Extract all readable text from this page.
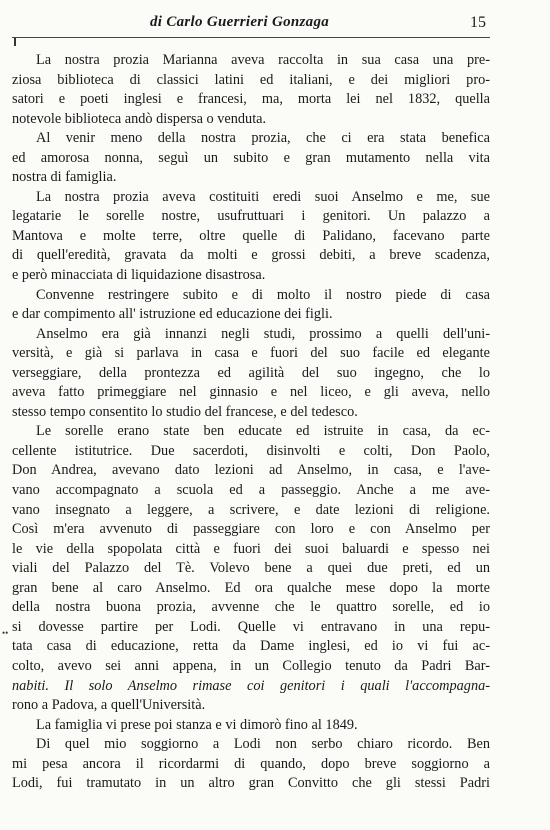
di Carlo Guerrieri Gonzaga	15
••
La nostra prozia Marianna aveva raccolta in sua casa una pre-
ziosa biblioteca di classici latini ed italiani, e dei migliori pro-
satori e poeti inglesi e francesi, ma, morta lei nel 1832, quella
notevole biblioteca andò dispersa o venduta.
Al venir meno della nostra prozia, che ci era stata benefica
ed amorosa nonna, seguì un subito e gran mutamento nella vita
nostra di famiglia.
La nostra prozia aveva costituiti eredi suoi Anselmo e me, sue
legatarie le sorelle nostre, usufruttuari i genitori. Un palazzo a
Mantova e molte terre, oltre quelle di Palidano, facevano parte
di quell'eredità, gravata da molti e grossi debiti, a breve scadenza,
e però minacciata di liquidazione disastrosa.
Convenne restringere subito e di molto il nostro piede di casa
e dar compimento all' istruzione ed educazione dei figli.
Anselmo era già innanzi negli studi, prossimo a quelli dell'uni-
versità, e già si parlava in casa e fuori del suo facile ed elegante
verseggiare, della prontezza ed agilità del suo ingegno, che lo
aveva fatto primeggiare nel ginnasio e nel liceo, e gli aveva, nello
stesso tempo consentito lo studio del francese, e del tedesco.
Le sorelle erano state ben educate ed istruite in casa, da ec-
cellente istitutrice. Due sacerdoti, disinvolti e colti, Don Paolo,
Don Andrea, avevano dato lezioni ad Anselmo, in casa, e l'ave-
vano accompagnato a scuola ed a passeggio. Anche a me ave-
vano insegnato a leggere, a scrivere, e date lezioni di religione.
Così m'era avvenuto di passeggiare con loro e con Anselmo per
le vie della spopolata città e fuori dei suoi baluardi e spesso nei
viali del Palazzo del Tè. Volevo bene a quei due preti, ed un
gran bene al caro Anselmo. Ed ora qualche mese dopo la morte
della nostra buona prozia, avvenne che le quattro sorelle, ed io
si dovesse partire per Lodi. Quelle vi entravano in una repu-
tata casa di educazione, retta da Dame inglesi, ed io vi fui ac-
colto, avevo sei anni appena, in un Collegio tenuto da Padri Bar-
nabiti. Il solo Anselmo rimase coi genitori i quali l'accompagna-
rono a Padova, a quell'Università.
La famiglia vi prese poi stanza e vi dimorò fino al 1849.
Di quel mio soggiorno a Lodi non serbo chiaro ricordo. Ben
mi pesa ancora il ricordarmi di quando, dopo breve soggiorno a
Lodi, fui tramutato in un altro gran Convitto che gli stessi Padri
